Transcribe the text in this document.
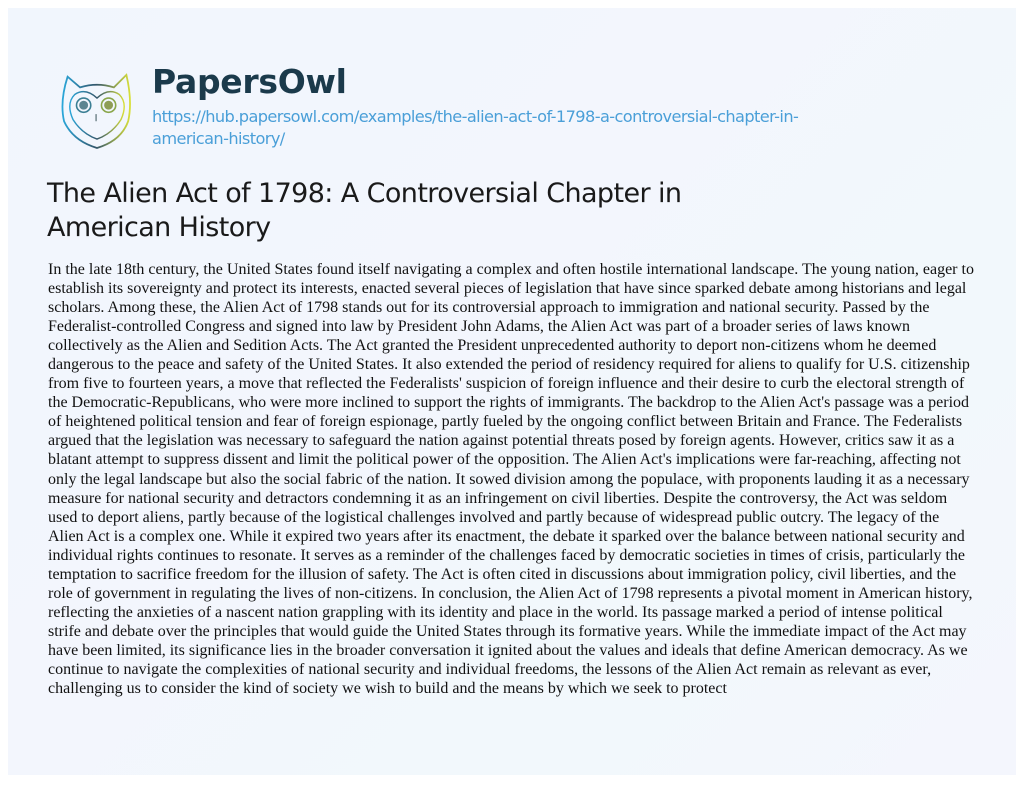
PapersOwl
https://hub.papersowl.com/examples/the-alien-act-of-1798-a-controversial-chapter-in-
american-history/
The Alien Act of 1798: A Controversial Chapter in
American History
In the late 18th century, the United States found itself navigating a complex and often hostile international landscape. The young nation, eager to
establish its sovereignty and protect its interests, enacted several pieces of legislation that have since sparked debate among historians and legal
scholars. Among these, the Alien Act of 1798 stands out for its controversial approach to immigration and national security. Passed by the
Federalist-controlled Congress and signed into law by President John Adams, the Alien Act was part of a broader series of laws known
collectively as the Alien and Sedition Acts. The Act granted the President unprecedented authority to deport non-citizens whom he deemed
dangerous to the peace and safety of the United States. It also extended the period of residency required for aliens to qualify for U.S. citizenship
from five to fourteen years, a move that reflected the Federalists' suspicion of foreign influence and their desire to curb the electoral strength of
the Democratic-Republicans, who were more inclined to support the rights of immigrants. The backdrop to the Alien Act's passage was a period
of heightened political tension and fear of foreign espionage, partly fueled by the ongoing conflict between Britain and France. The Federalists
argued that the legislation was necessary to safeguard the nation against potential threats posed by foreign agents. However, critics saw it as a
blatant attempt to suppress dissent and limit the political power of the opposition. The Alien Act's implications were far-reaching, affecting not
only the legal landscape but also the social fabric of the nation. It sowed division among the populace, with proponents lauding it as a necessary
measure for national security and detractors condemning it as an infringement on civil liberties. Despite the controversy, the Act was seldom
used to deport aliens, partly because of the logistical challenges involved and partly because of widespread public outcry. The legacy of the
Alien Act is a complex one. While it expired two years after its enactment, the debate it sparked over the balance between national security and
individual rights continues to resonate. It serves as a reminder of the challenges faced by democratic societies in times of crisis, particularly the
temptation to sacrifice freedom for the illusion of safety. The Act is often cited in discussions about immigration policy, civil liberties, and the
role of government in regulating the lives of non-citizens. In conclusion, the Alien Act of 1798 represents a pivotal moment in American history,
reflecting the anxieties of a nascent nation grappling with its identity and place in the world. Its passage marked a period of intense political
strife and debate over the principles that would guide the United States through its formative years. While the immediate impact of the Act may
have been limited, its significance lies in the broader conversation it ignited about the values and ideals that define American democracy. As we
continue to navigate the complexities of national security and individual freedoms, the lessons of the Alien Act remain as relevant as ever,
challenging us to consider the kind of society we wish to build and the means by which we seek to protect
